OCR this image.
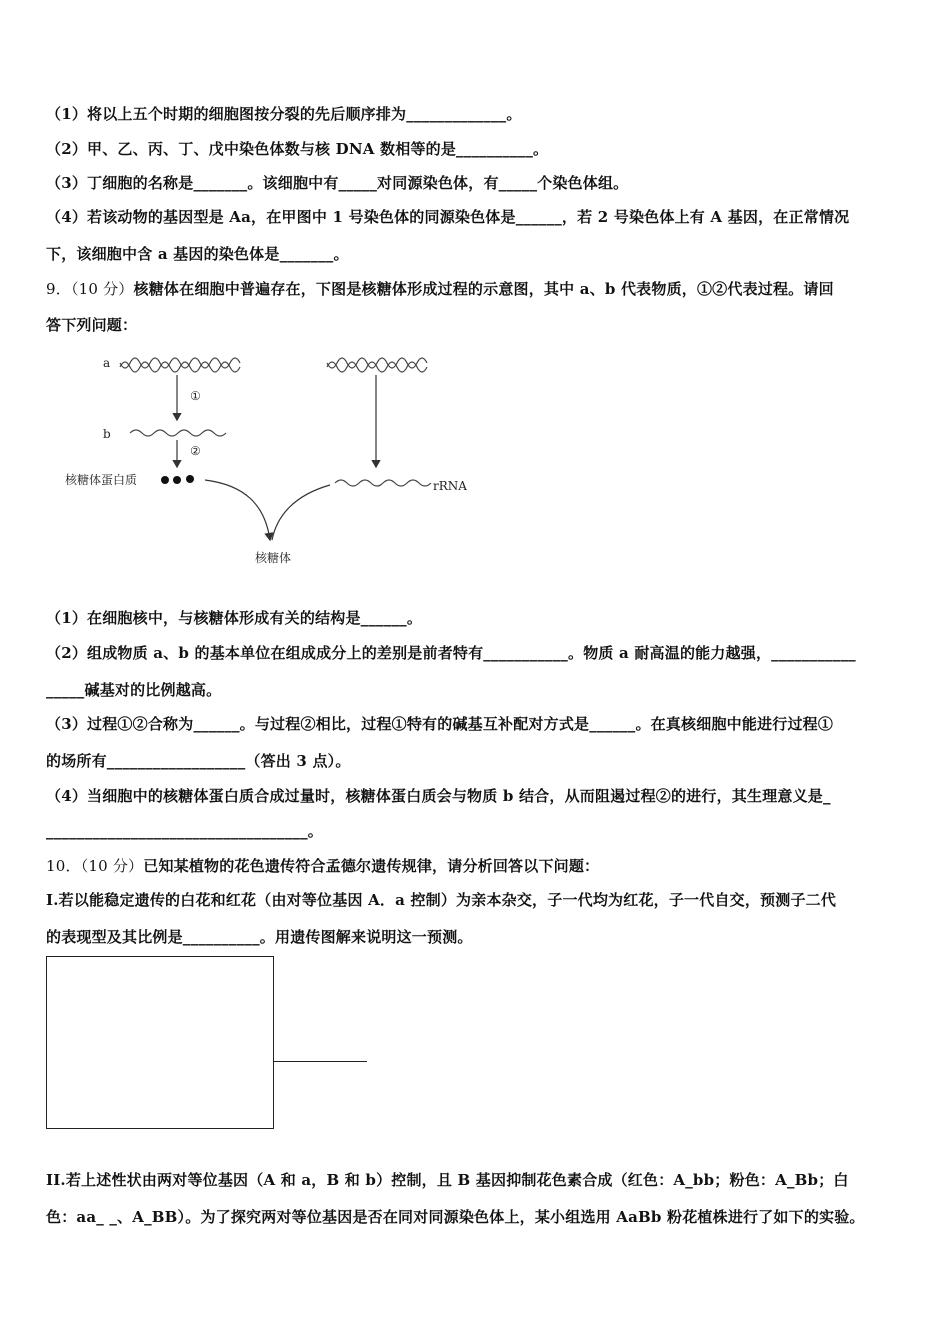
（1）将以上五个时期的细胞图按分裂的先后顺序排为_____________。
（2）甲、乙、丙、丁、戊中染色体数与核 DNA 数相等的是__________。
（3）丁细胞的名称是_______。该细胞中有_____对同源染色体，有_____个染色体组。
（4）若该动物的基因型是 Aa，在甲图中 1 号染色体的同源染色体是______，若 2 号染色体上有 A 基因，在正常情况
下，该细胞中含 a 基因的染色体是_______。
9．（10 分）核糖体在细胞中普遍存在，下图是核糖体形成过程的示意图，其中 a、b 代表物质，①②代表过程。请回
答下列问题：
a
①
b
②
核糖体蛋白质	rRNA
核糖体
（1）在细胞核中，与核糖体形成有关的结构是______。
（2）组成物质 a、b 的基本单位在组成成分上的差别是前者特有___________。物质 a 耐高温的能力越强，___________
_____碱基对的比例越高。
（3）过程①②合称为______。与过程②相比，过程①特有的碱基互补配对方式是______。在真核细胞中能进行过程①
的场所有__________________（答出 3 点）。
（4）当细胞中的核糖体蛋白质合成过量时，核糖体蛋白质会与物质 b 结合，从而阻遏过程②的进行，其生理意义是_
__________________________________。
10．（10 分）已知某植物的花色遗传符合孟德尔遗传规律，请分析回答以下问题：
I.若以能稳定遗传的白花和红花（由对等位基因 A．a 控制）为亲本杂交，子一代均为红花，子一代自交，预测子二代
的表现型及其比例是__________。用遗传图解来说明这一预测。
II.若上述性状由两对等位基因（A 和 a，B 和 b）控制，且 B 基因抑制花色素合成（红色：A_bb；粉色：A_Bb；白
色：aa_ _、A_BB）。为了探究两对等位基因是否在同对同源染色体上，某小组选用 AaBb 粉花植株进行了如下的实验。
